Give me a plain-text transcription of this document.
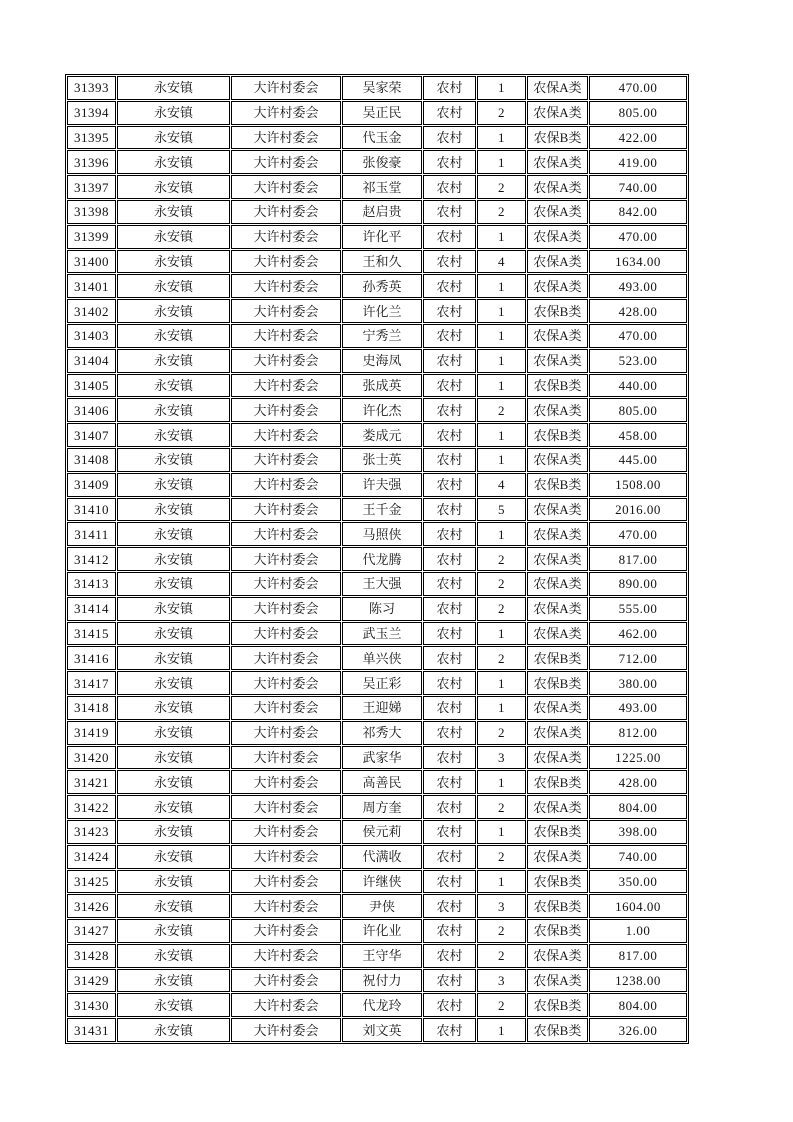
31393	永安镇	大许村委会	吴家荣	农村	1	农保A类	470.00
31394	永安镇	大许村委会	吴正民	农村	2	农保A类	805.00
31395	永安镇	大许村委会	代玉金	农村	1	农保B类	422.00
31396	永安镇	大许村委会	张俊豪	农村	1	农保A类	419.00
31397	永安镇	大许村委会	祁玉堂	农村	2	农保A类	740.00
31398	永安镇	大许村委会	赵启贵	农村	2	农保A类	842.00
31399	永安镇	大许村委会	许化平	农村	1	农保A类	470.00
31400	永安镇	大许村委会	王和久	农村	4	农保A类	1634.00
31401	永安镇	大许村委会	孙秀英	农村	1	农保A类	493.00
31402	永安镇	大许村委会	许化兰	农村	1	农保B类	428.00
31403	永安镇	大许村委会	宁秀兰	农村	1	农保A类	470.00
31404	永安镇	大许村委会	史海凤	农村	1	农保A类	523.00
31405	永安镇	大许村委会	张成英	农村	1	农保B类	440.00
31406	永安镇	大许村委会	许化杰	农村	2	农保A类	805.00
31407	永安镇	大许村委会	娄成元	农村	1	农保B类	458.00
31408	永安镇	大许村委会	张士英	农村	1	农保A类	445.00
31409	永安镇	大许村委会	许夫强	农村	4	农保B类	1508.00
31410	永安镇	大许村委会	王千金	农村	5	农保A类	2016.00
31411	永安镇	大许村委会	马照侠	农村	1	农保A类	470.00
31412	永安镇	大许村委会	代龙腾	农村	2	农保A类	817.00
31413	永安镇	大许村委会	王大强	农村	2	农保A类	890.00
31414	永安镇	大许村委会	陈习	农村	2	农保A类	555.00
31415	永安镇	大许村委会	武玉兰	农村	1	农保A类	462.00
31416	永安镇	大许村委会	单兴侠	农村	2	农保B类	712.00
31417	永安镇	大许村委会	吴正彩	农村	1	农保B类	380.00
31418	永安镇	大许村委会	王迎娣	农村	1	农保A类	493.00
31419	永安镇	大许村委会	祁秀大	农村	2	农保A类	812.00
31420	永安镇	大许村委会	武家华	农村	3	农保A类	1225.00
31421	永安镇	大许村委会	高善民	农村	1	农保B类	428.00
31422	永安镇	大许村委会	周方奎	农村	2	农保A类	804.00
31423	永安镇	大许村委会	侯元莉	农村	1	农保B类	398.00
31424	永安镇	大许村委会	代满收	农村	2	农保A类	740.00
31425	永安镇	大许村委会	许继侠	农村	1	农保B类	350.00
31426	永安镇	大许村委会	尹侠	农村	3	农保B类	1604.00
31427	永安镇	大许村委会	许化业	农村	2	农保B类	1.00
31428	永安镇	大许村委会	王守华	农村	2	农保A类	817.00
31429	永安镇	大许村委会	祝付力	农村	3	农保A类	1238.00
31430	永安镇	大许村委会	代龙玲	农村	2	农保B类	804.00
31431	永安镇	大许村委会	刘文英	农村	1	农保B类	326.00
